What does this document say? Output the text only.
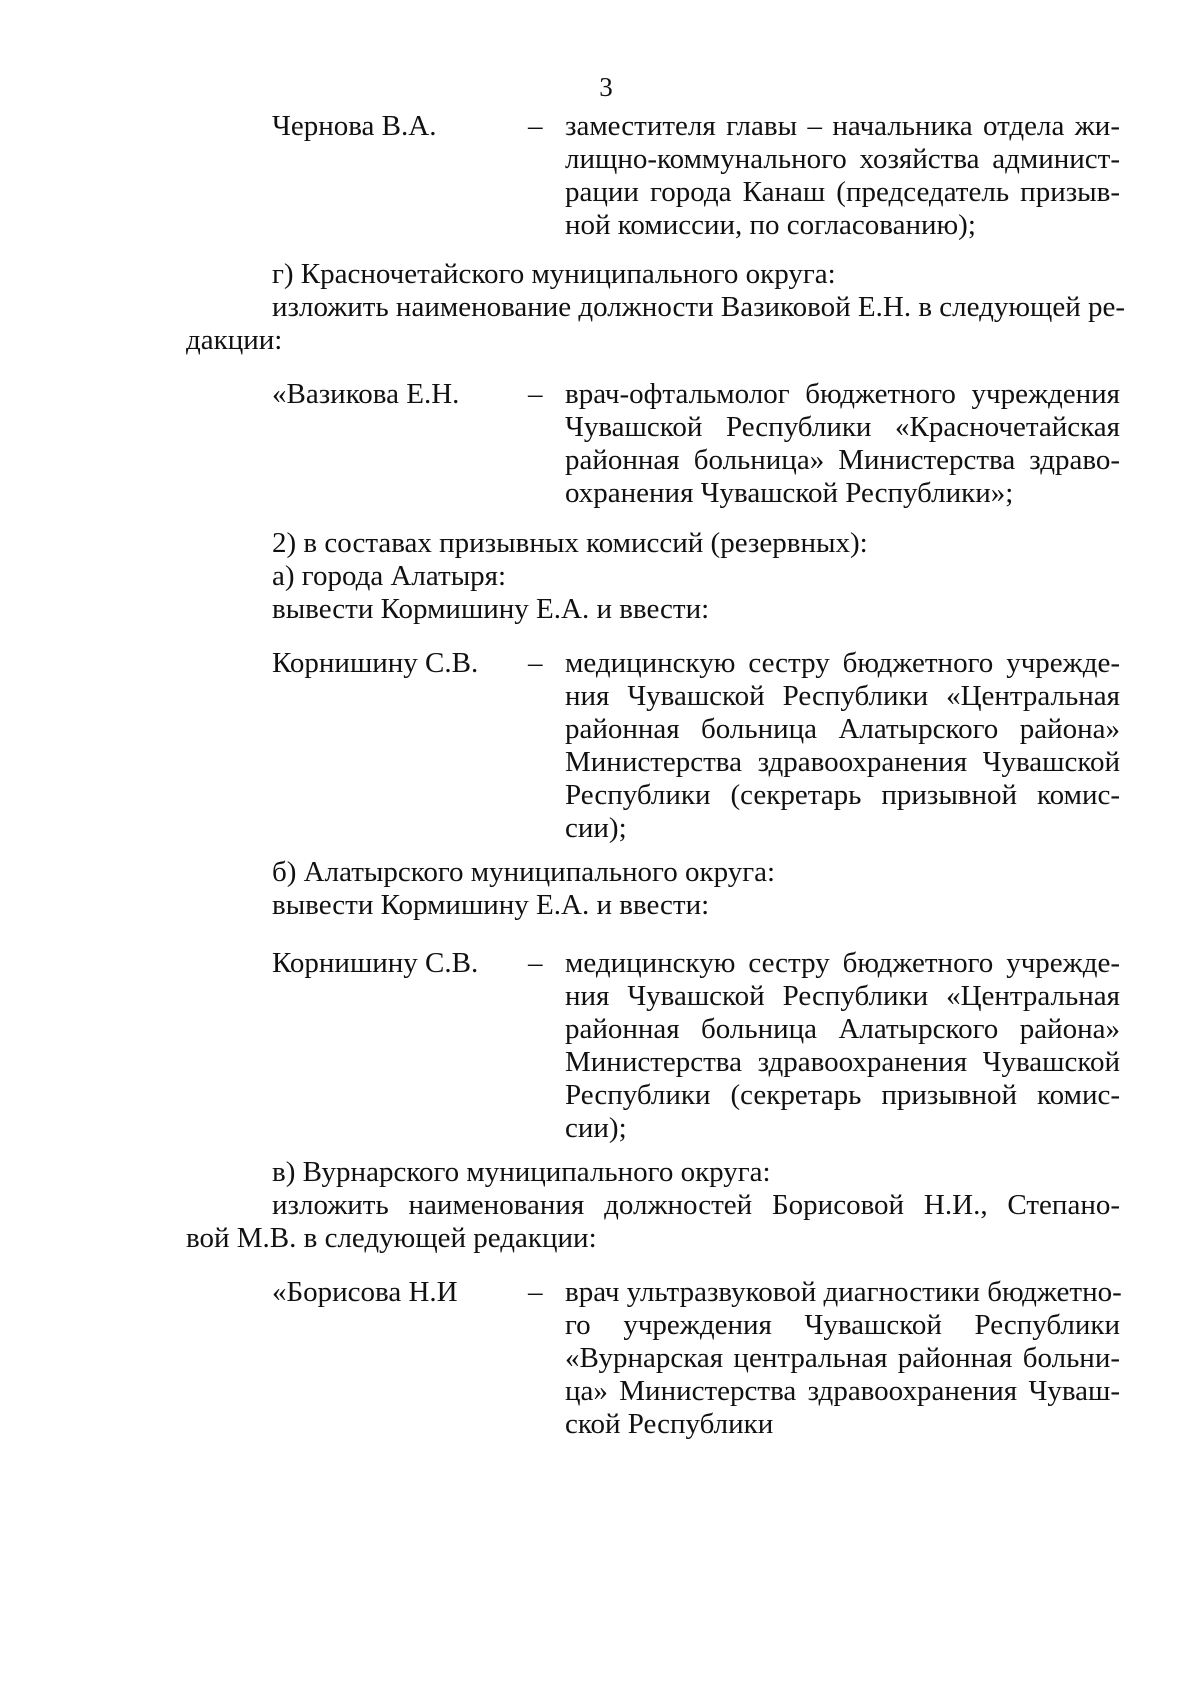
3
Чернова В.А.	– заместителя главы – начальника отдела жи-
лищно-коммунального хозяйства админист-
рации города Канаш (председатель призыв-
ной комиссии, по согласованию);
г) Красночетайского муниципального округа:
изложить наименование должности Вазиковой Е.Н. в следующей ре-
дакции:
«Вазикова Е.Н. – врач-офтальмолог бюджетного учреждения
Чувашской Республики «Красночетайская
районная больница» Министерства здраво-
охранения Чувашской Республики»;
2) в составах призывных комиссий (резервных):
а) города Алатыря:
вывести Кормишину Е.А. и ввести:
Корнишину С.В. – медицинскую сестру бюджетного учрежде-
ния Чувашской Республики «Центральная
районная больница Алатырского района»
Министерства здравоохранения Чувашской
Республики (секретарь призывной комис-
сии);
б) Алатырского муниципального округа:
вывести Кормишину Е.А. и ввести:
Корнишину С.В. – медицинскую сестру бюджетного учрежде-
ния Чувашской Республики «Центральная
районная больница Алатырского района»
Министерства здравоохранения Чувашской
Республики (секретарь призывной комис-
сии);
в) Вурнарского муниципального округа:
изложить наименования должностей Борисовой Н.И., Степано-
вой М.В. в следующей редакции:
«Борисова Н.И – врач ультразвуковой диагностики бюджетно-
го учреждения Чувашской Республики
«Вурнарская центральная районная больни-
ца» Министерства здравоохранения Чуваш-
ской Республики
